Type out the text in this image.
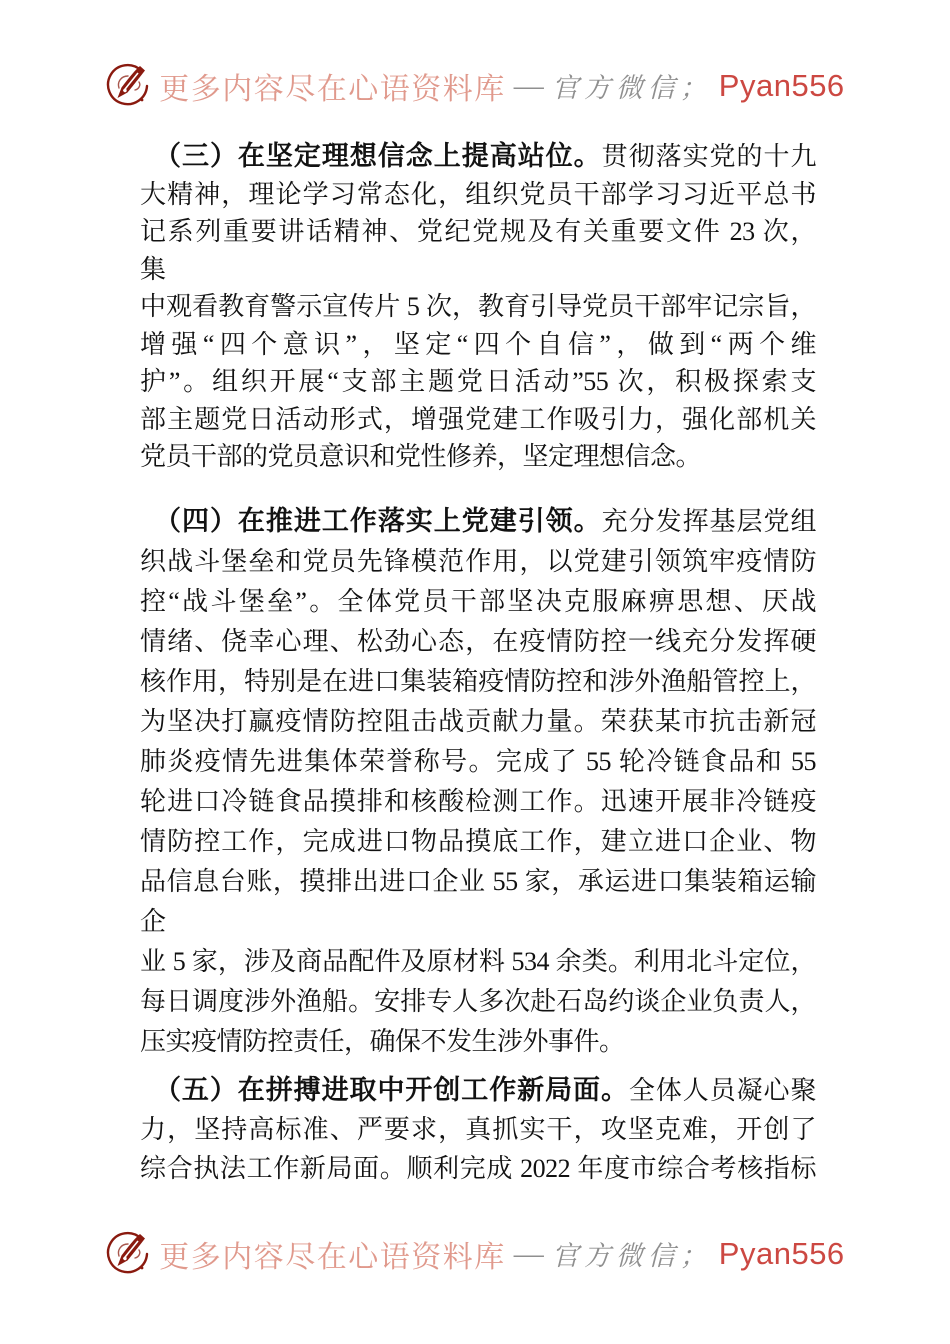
更多内容尽在心语资料库 — 官方微信； Pyan556
（三）在坚定理想信念上提高站位。贯彻落实党的十九
大精神，理论学习常态化，组织党员干部学习习近平总书
记系列重要讲话精神、党纪党规及有关重要文件 23 次，
集
中观看教育警示宣传片 5 次，教育引导党员干部牢记宗旨，
增强“四个意识”，坚定“四个自信”，做到“两个维
护”。组织开展“支部主题党日活动”55 次，积极探索支
部主题党日活动形式，增强党建工作吸引力，强化部机关
党员干部的党员意识和党性修养，坚定理想信念。
（四）在推进工作落实上党建引领。充分发挥基层党组
织战斗堡垒和党员先锋模范作用，以党建引领筑牢疫情防
控“战斗堡垒”。全体党员干部坚决克服麻痹思想、厌战
情绪、侥幸心理、松劲心态，在疫情防控一线充分发挥硬
核作用，特别是在进口集装箱疫情防控和涉外渔船管控上，
为坚决打赢疫情防控阻击战贡献力量。荣获某市抗击新冠
肺炎疫情先进集体荣誉称号。完成了 55 轮冷链食品和 55
轮进口冷链食品摸排和核酸检测工作。迅速开展非冷链疫
情防控工作，完成进口物品摸底工作，建立进口企业、物
品信息台账，摸排出进口企业 55 家，承运进口集装箱运输
企
业 5 家，涉及商品配件及原材料 534 余类。利用北斗定位，
每日调度涉外渔船。安排专人多次赴石岛约谈企业负责人，
压实疫情防控责任，确保不发生涉外事件。
（五）在拼搏进取中开创工作新局面。全体人员凝心聚
力，坚持高标准、严要求，真抓实干，攻坚克难，开创了
综合执法工作新局面。顺利完成 2022 年度市综合考核指标
更多内容尽在心语资料库 — 官方微信； Pyan556
